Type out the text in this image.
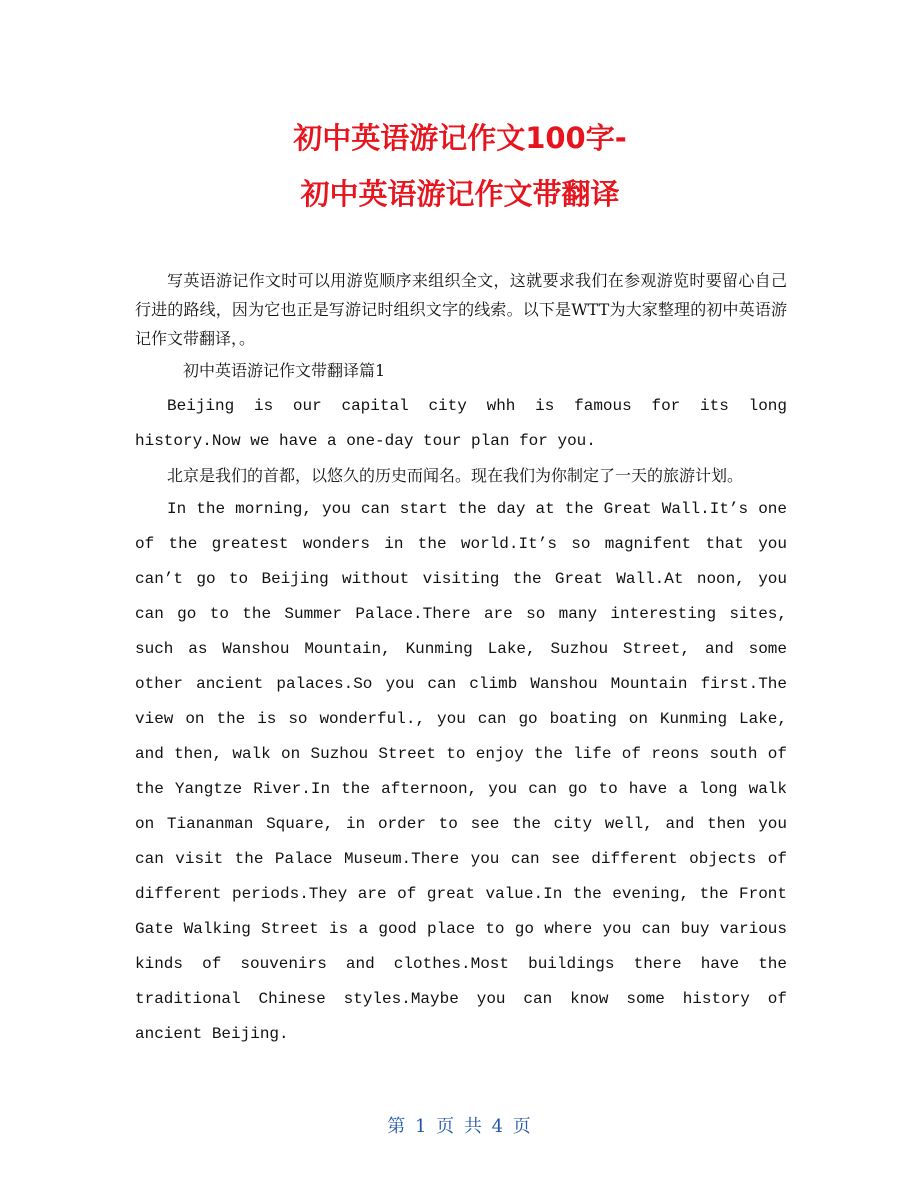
初中英语游记作文100字-
初中英语游记作文带翻译

写英语游记作文时可以用游览顺序来组织全文，这就要求我们在参观游览时要留心自己行进的路线，因为它也正是写游记时组织文字的线索。以下是WTT为大家整理的初中英语游记作文带翻译，。

初中英语游记作文带翻译篇1

Beijing is our capital city whh is famous for its long history.Now we have a one-day tour plan for you.

北京是我们的首都，以悠久的历史而闻名。现在我们为你制定了一天的旅游计划。

In the morning, you can start the day at the Great Wall.It’s one of the greatest wonders in the world.It’s so magnifent that you can’t go to Beijing without visiting the Great Wall.At noon, you can go to the Summer Palace.There are so many interesting sites, such as Wanshou Mountain, Kunming Lake, Suzhou Street, and some other ancient palaces.So you can climb Wanshou Mountain first.The view on the is so wonderful., you can go boating on Kunming Lake, and then, walk on Suzhou Street to enjoy the life of reons south of the Yangtze River.In the afternoon, you can go to have a long walk on Tiananman Square, in order to see the city well, and then you can visit the Palace Museum.There you can see different objects of different periods.They are of great value.In the evening, the Front Gate Walking Street is a good place to go where you can buy various kinds of souvenirs and clothes.Most buildings there have the traditional Chinese styles.Maybe you can know some history of ancient Beijing.

第 1 页 共 4 页
